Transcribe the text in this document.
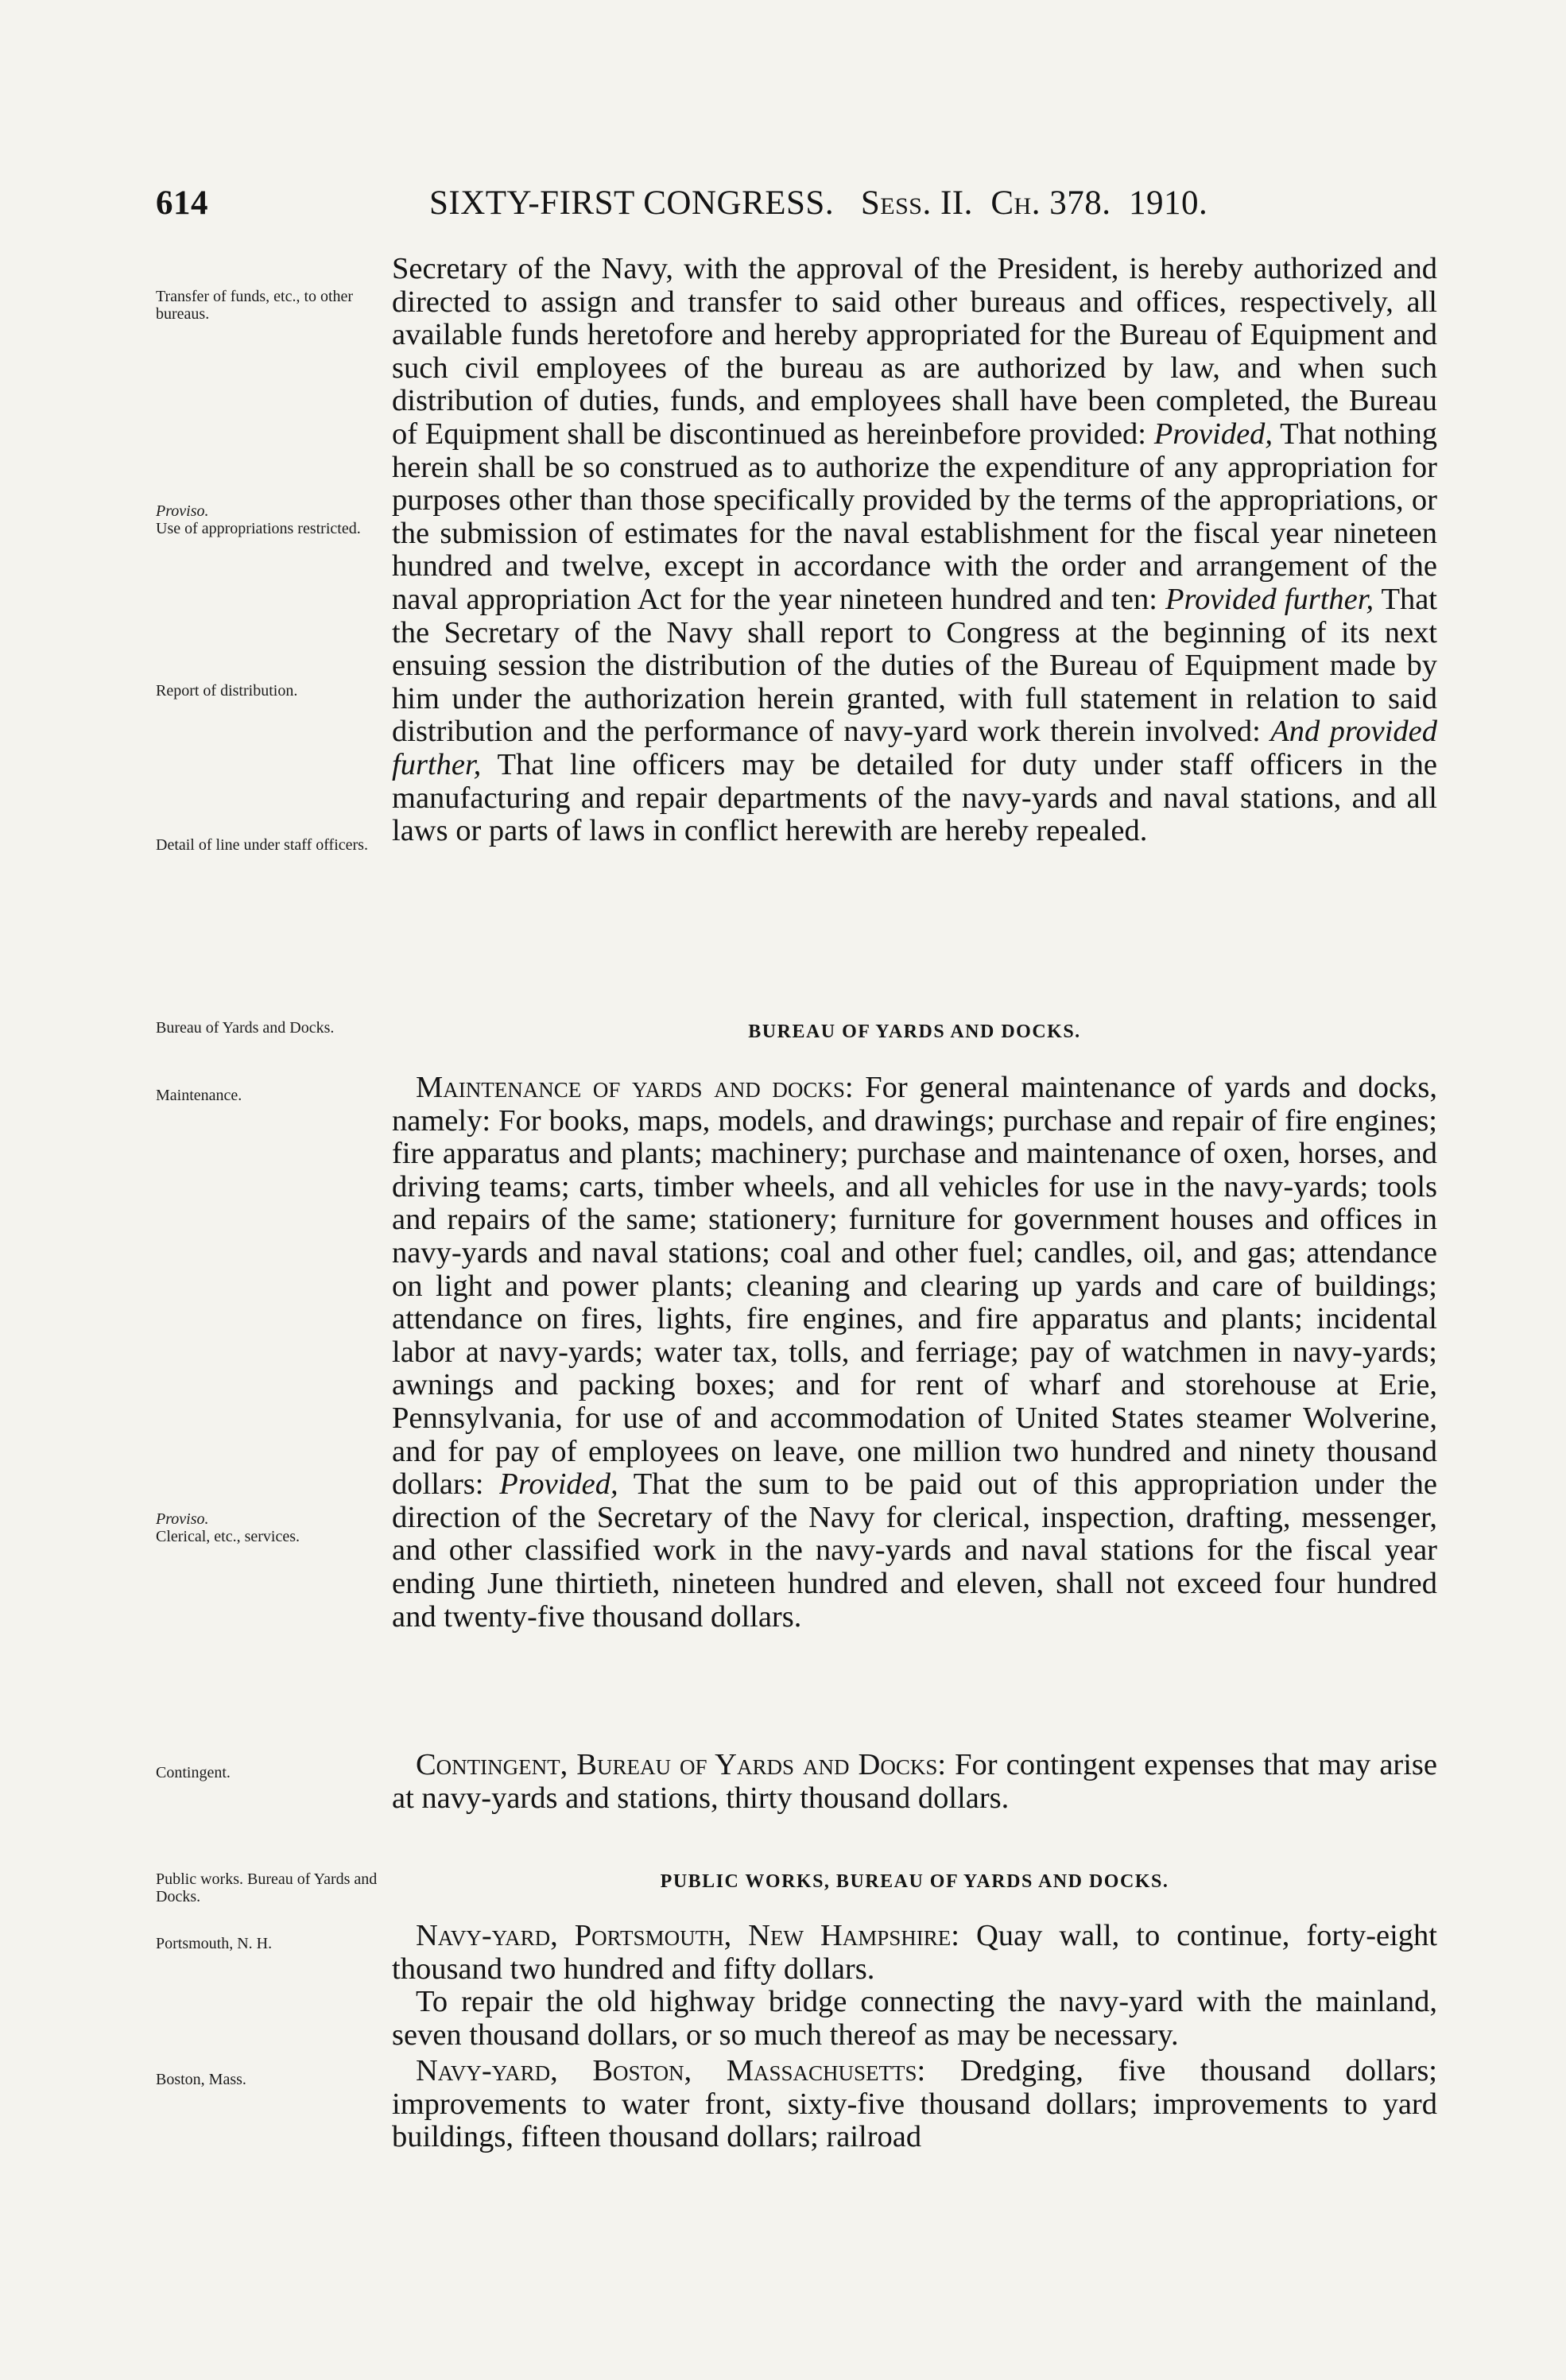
614	SIXTY-FIRST CONGRESS. Sess. II. Ch. 378. 1910.
Transfer of funds, etc., to other bureaus.
Proviso.
Use of appropriations restricted.
Report of distribution.
Detail of line under staff officers.
Bureau of Yards and Docks.
Maintenance.
Proviso.
Clerical, etc., services.
Contingent.
Public works. Bureau of Yards and Docks.
Portsmouth, N. H.
Boston, Mass.

Secretary of the Navy, with the approval of the President, is hereby authorized and directed to assign and transfer to said other bureaus and offices, respectively, all available funds heretofore and hereby appropriated for the Bureau of Equipment and such civil employees of the bureau as are authorized by law, and when such distribution of duties, funds, and employees shall have been completed, the Bureau of Equipment shall be discontinued as hereinbefore provided: Provided, That nothing herein shall be so construed as to authorize the expenditure of any appropriation for purposes other than those specifically provided by the terms of the appropriations, or the submission of estimates for the naval establishment for the fiscal year nineteen hundred and twelve, except in accordance with the order and arrangement of the naval appropriation Act for the year nineteen hundred and ten: Provided further, That the Secretary of the Navy shall report to Congress at the beginning of its next ensuing session the distribution of the duties of the Bureau of Equipment made by him under the authorization herein granted, with full statement in relation to said distribution and the performance of navy-yard work therein involved: And provided further, That line officers may be detailed for duty under staff officers in the manufacturing and repair departments of the navy-yards and naval stations, and all laws or parts of laws in conflict herewith are hereby repealed.

BUREAU OF YARDS AND DOCKS.

Maintenance of yards and docks: For general maintenance of yards and docks, namely: For books, maps, models, and drawings; purchase and repair of fire engines; fire apparatus and plants; machinery; purchase and maintenance of oxen, horses, and driving teams; carts, timber wheels, and all vehicles for use in the navy-yards; tools and repairs of the same; stationery; furniture for government houses and offices in navy-yards and naval stations; coal and other fuel; candles, oil, and gas; attendance on light and power plants; cleaning and clearing up yards and care of buildings; attendance on fires, lights, fire engines, and fire apparatus and plants; incidental labor at navy-yards; water tax, tolls, and ferriage; pay of watchmen in navy-yards; awnings and packing boxes; and for rent of wharf and storehouse at Erie, Pennsylvania, for use of and accommodation of United States steamer Wolverine, and for pay of employees on leave, one million two hundred and ninety thousand dollars: Provided, That the sum to be paid out of this appropriation under the direction of the Secretary of the Navy for clerical, inspection, drafting, messenger, and other classified work in the navy-yards and naval stations for the fiscal year ending June thirtieth, nineteen hundred and eleven, shall not exceed four hundred and twenty-five thousand dollars.

Contingent, Bureau of Yards and Docks: For contingent expenses that may arise at navy-yards and stations, thirty thousand dollars.

PUBLIC WORKS, BUREAU OF YARDS AND DOCKS.

Navy-yard, Portsmouth, New Hampshire: Quay wall, to continue, forty-eight thousand two hundred and fifty dollars.

To repair the old highway bridge connecting the navy-yard with the mainland, seven thousand dollars, or so much thereof as may be necessary.

Navy-yard, Boston, Massachusetts: Dredging, five thousand dollars; improvements to water front, sixty-five thousand dollars; improvements to yard buildings, fifteen thousand dollars; railroad
